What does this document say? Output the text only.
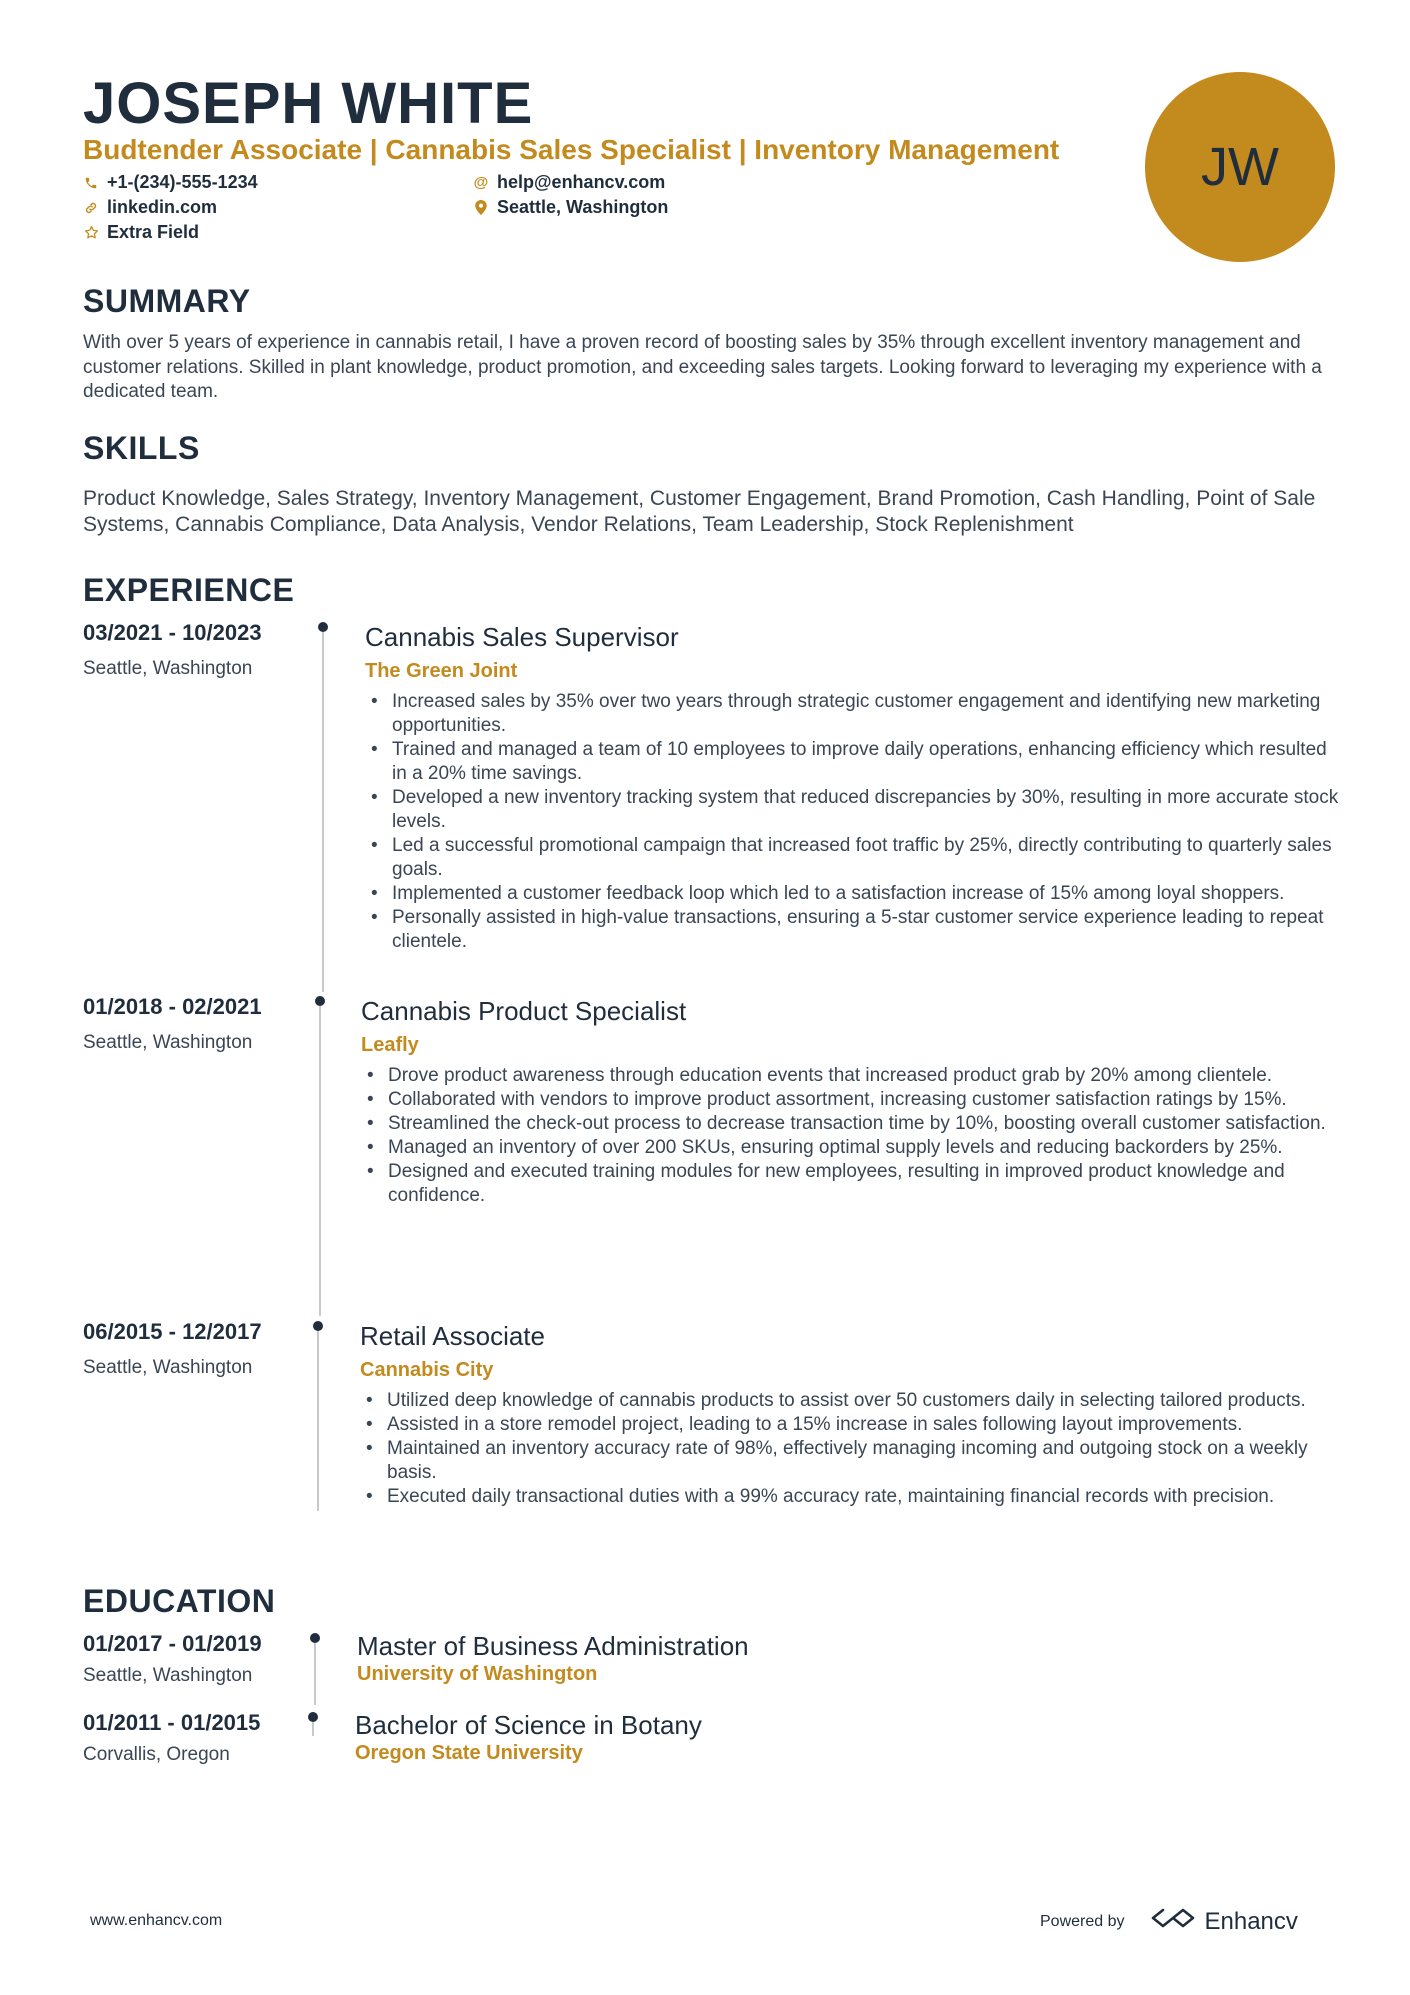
JOSEPH WHITE
Budtender Associate | Cannabis Sales Specialist | Inventory Management
+1-(234)-555-1234	@ help@enhancv.com
linkedin.com	Seattle, Washington
Extra Field
JW
SUMMARY
With over 5 years of experience in cannabis retail, I have a proven record of boosting sales by 35% through excellent inventory management and customer relations. Skilled in plant knowledge, product promotion, and exceeding sales targets. Looking forward to leveraging my experience with a dedicated team.
SKILLS
Product Knowledge, Sales Strategy, Inventory Management, Customer Engagement, Brand Promotion, Cash Handling, Point of Sale Systems, Cannabis Compliance, Data Analysis, Vendor Relations, Team Leadership, Stock Replenishment
EXPERIENCE
03/2021 - 10/2023
Seattle, Washington
Cannabis Sales Supervisor
The Green Joint
• Increased sales by 35% over two years through strategic customer engagement and identifying new marketing opportunities.
• Trained and managed a team of 10 employees to improve daily operations, enhancing efficiency which resulted in a 20% time savings.
• Developed a new inventory tracking system that reduced discrepancies by 30%, resulting in more accurate stock levels.
• Led a successful promotional campaign that increased foot traffic by 25%, directly contributing to quarterly sales goals.
• Implemented a customer feedback loop which led to a satisfaction increase of 15% among loyal shoppers.
• Personally assisted in high-value transactions, ensuring a 5-star customer service experience leading to repeat clientele.
01/2018 - 02/2021
Seattle, Washington
Cannabis Product Specialist
Leafly
• Drove product awareness through education events that increased product grab by 20% among clientele.
• Collaborated with vendors to improve product assortment, increasing customer satisfaction ratings by 15%.
• Streamlined the check-out process to decrease transaction time by 10%, boosting overall customer satisfaction.
• Managed an inventory of over 200 SKUs, ensuring optimal supply levels and reducing backorders by 25%.
• Designed and executed training modules for new employees, resulting in improved product knowledge and confidence.
06/2015 - 12/2017
Seattle, Washington
Retail Associate
Cannabis City
• Utilized deep knowledge of cannabis products to assist over 50 customers daily in selecting tailored products.
• Assisted in a store remodel project, leading to a 15% increase in sales following layout improvements.
• Maintained an inventory accuracy rate of 98%, effectively managing incoming and outgoing stock on a weekly basis.
• Executed daily transactional duties with a 99% accuracy rate, maintaining financial records with precision.
EDUCATION
01/2017 - 01/2019
Seattle, Washington
Master of Business Administration
University of Washington
01/2011 - 01/2015
Corvallis, Oregon
Bachelor of Science in Botany
Oregon State University
www.enhancv.com	Powered by	Enhancv
